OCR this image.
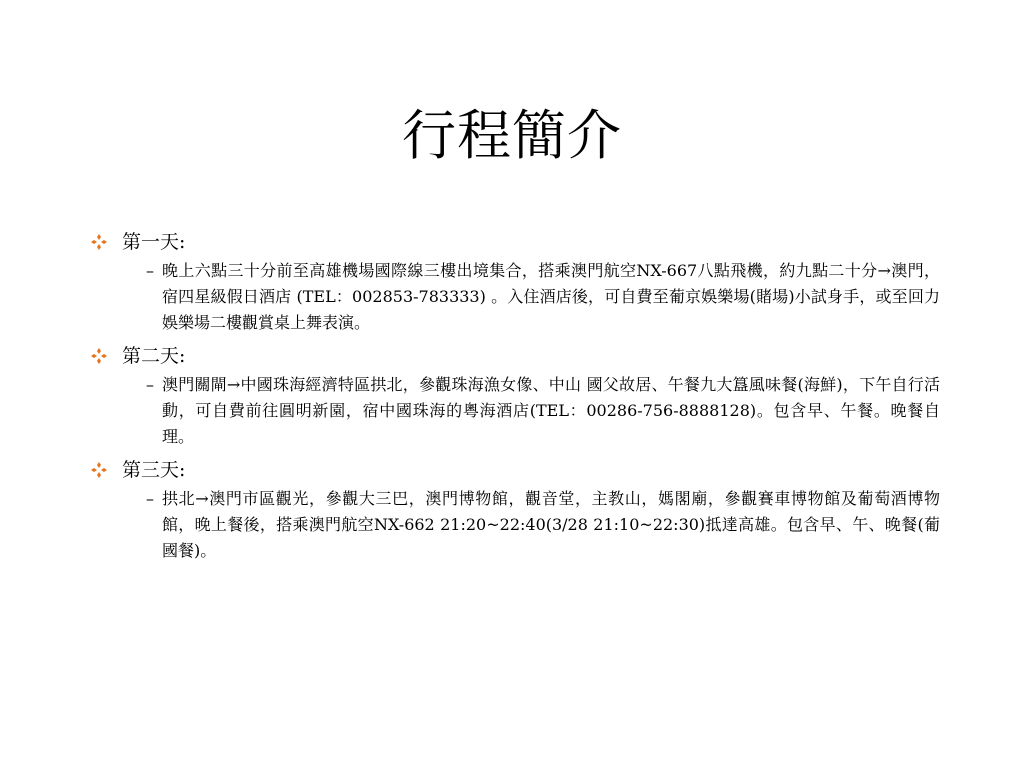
行程簡介
第一天:
– 晚上六點三十分前至高雄機場國際線三樓出境集合，搭乘澳門航空NX-667八點飛機，約九點二十分→澳門，宿四星級假日酒店 (TEL：002853-783333) 。入住酒店後，可自費至葡京娛樂場(賭場)小試身手，或至回力娛樂場二樓觀賞桌上舞表演。
第二天:
– 澳門關閘→中國珠海經濟特區拱北，參觀珠海漁女像、中山 國父故居、午餐九大簋風味餐(海鮮)，下午自行活動，可自費前往圓明新園，宿中國珠海的粵海酒店(TEL：00286-756-8888128)。包含早、午餐。晚餐自理。
第三天:
– 拱北→澳門市區觀光，參觀大三巴，澳門博物館，觀音堂，主教山，媽閣廟，參觀賽車博物館及葡萄酒博物館，晚上餐後，搭乘澳門航空NX-662 21:20~22:40(3/28 21:10~22:30)抵達高雄。包含早、午、晚餐(葡國餐)。
